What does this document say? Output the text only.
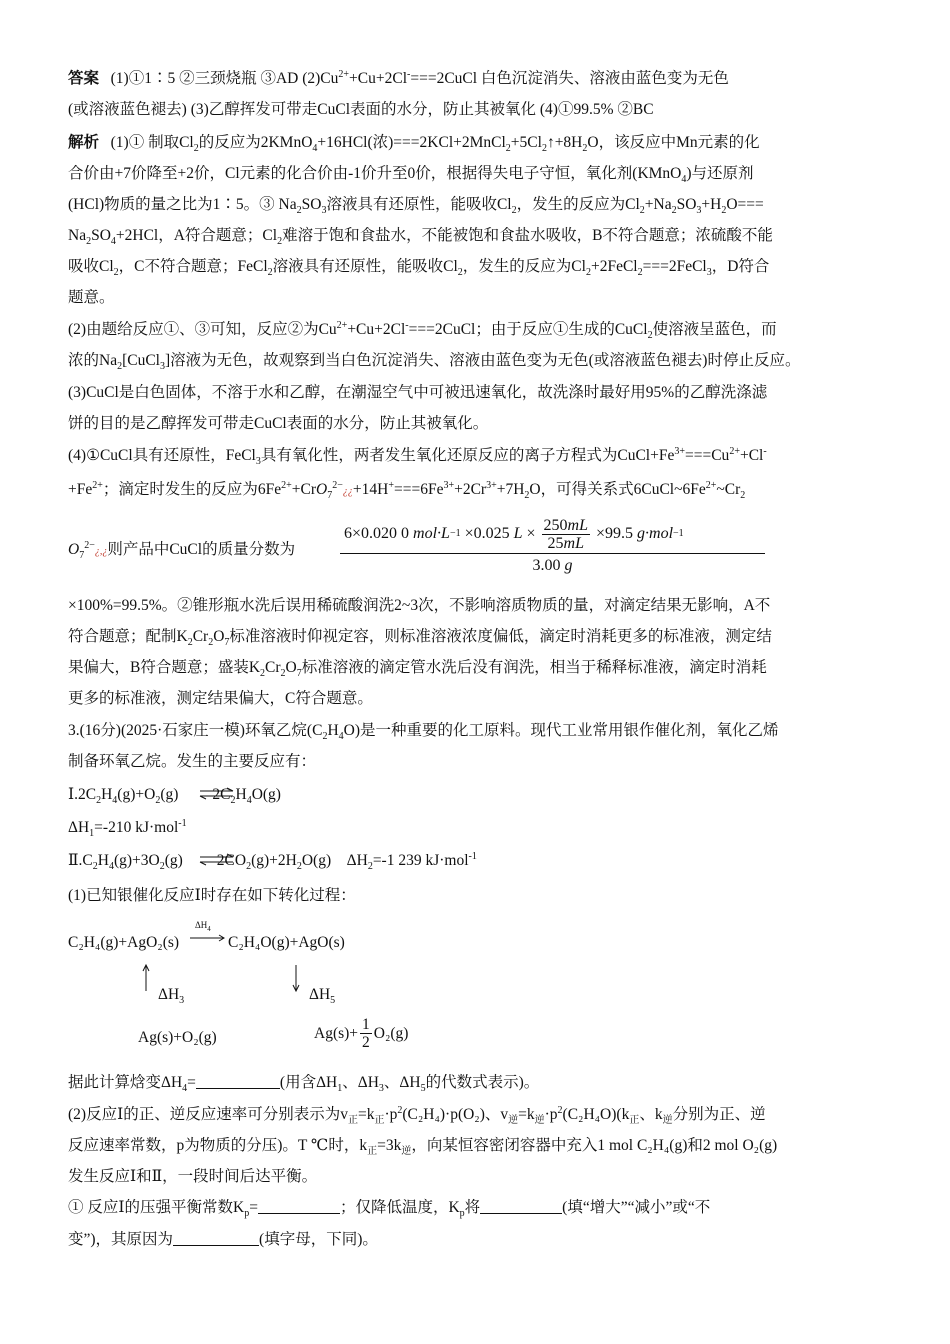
答案 (1)①1∶5 ②三颈烧瓶 ③AD $(2)Cu^{2+}+Cu+2Cl^-===2CuCl$ 白色沉淀消失、溶液由蓝色变为无色
(或溶液蓝色褪去) (3)乙醇挥发可带走CuCl表面的水分，防止其被氧化 (4)①99.5% ②BC
解析 (1)① 制取$Cl_2$的反应为2KMnO$_4$+16HCl(浓)$===2KCl+2MnCl_2+5Cl_2↑+8H_2O$，该反应中Mn元素的化
合价由+7价降至+2价，Cl元素的化合价由-1价升至0价，根据得失电子守恒，氧化剂(KMnO$_4$)与还原剂
(HCl)物质的量之比为1∶5。③ $Na_2SO_3$溶液具有还原性，能吸收$Cl_2$，发生的反应为$Cl_2+Na_2SO_3+H_2O===$
$Na_2SO_4+2HCl$，A符合题意；$Cl_2$难溶于饱和食盐水，不能被饱和食盐水吸收，B不符合题意；浓硫酸不能
吸收$Cl_2$，C不符合题意；FeCl$_2$溶液具有还原性，能吸收$Cl_2$，发生的反应为$Cl_2+2FeCl_2===2FeCl_3$，D符合
题意。
(2)由题给反应①、③可知，反应②为$Cu^{2+}+Cu+2Cl^-===2CuCl$；由于反应①生成的CuCl$_2$使溶液呈蓝色，而
浓的$Na_2[CuCl_3]$溶液为无色，故观察到当白色沉淀消失、溶液由蓝色变为无色(或溶液蓝色褪去)时停止反应。
(3)CuCl是白色固体，不溶于水和乙醇，在潮湿空气中可被迅速氧化，故洗涤时最好用95%的乙醇洗涤滤
饼的目的是乙醇挥发可带走CuCl表面的水分，防止其被氧化。
(4)①CuCl具有还原性，FeCl$_3$具有氧化性，两者发生氧化还原反应的离子方程式为$CuCl+Fe^{3+}===Cu^{2+}+Cl^-$
$+Fe^{2+}$；滴定时发生的反应为$6Fe^{2+}+CrO_7^{2-}¿¿+14H^+===6Fe^{3+}+2Cr^{3+}+7H_2O$，可得关系式$6CuCl\sim 6Fe^{2+}\sim Cr_2$
$O_7^{2-}¿,¿$则产品中CuCl的质量分数为
6×0.020 0
mol·L −1
×0.025
$L \times \frac{250mL}{25mL}$
×99.5
g·mol −1
3.00 g
×100%=99.5%。②锥形瓶水洗后误用稀硫酸润洗2~3次，不影响溶质物质的量，对滴定结果无影响，A不
符合题意；配制$K_2Cr_2O_7$标准溶液时仰视定容，则标准溶液浓度偏低，滴定时消耗更多的标准液，测定结
果偏大，B符合题意；盛装$K_2Cr_2O_7$标准溶液的滴定管水洗后没有润洗，相当于稀释标准液，滴定时消耗
更多的标准液，测定结果偏大，C符合题意。
3.(16分)(2025·石家庄一模)环氧乙烷$(C_2H_4O)$是一种重要的化工原料。现代工业常用银作催化剂，氧化乙烯
制备环氧乙烷。发生的主要反应有：
$Ⅰ.2C_2H_4(g)+O_2(g)$ $2C_2H_4O(g)$
$\Delta H_1=-210$ kJ·mol$^{-1}$
$Ⅱ.C_2H_4(g)+3O_2(g)$ $2CO_2(g)+2H_2O(g)$ $\Delta H_2=-1$ 239 kJ·mol$^{-1}$
(1)已知银催化反应Ⅰ时存在如下转化过程：
C₂H₄(g)+AgO₂(s)
$\Delta H_4$
C₂H₄O(g)+AgO(s)
$\Delta H_3$	$\Delta H_5$
Ag(s)+O₂(g)	$Ag(s)+ \frac{1}{2} O_2(g)$
据此计算焓变$\Delta H_4=$	(用含$\Delta H_1$、$\Delta H_3$、$\Delta H_5$的代数式表示)。
(2)反应Ⅰ的正、逆反应速率可分别表示为$v_正=k_正\cdot p^2(C_2H_4)\cdot p(O_2)$、$v_逆=k_逆\cdot p^2(C_2H_4O)(k_正$、$k_逆$分别为正、逆
反应速率常数，p为物质的分压)。T ℃时，$k_正=3k_逆$，向某恒容密闭容器中充入1 mol C₂H₄(g)和2 mol O₂(g)
发生反应Ⅰ和Ⅱ，一段时间后达平衡。
① 反应Ⅰ的压强平衡常数$K_p=$	；仅降低温度，$K_p$将	(填“增大”“减小”或“不
变”)，其原因为	(填字母，下同)。
